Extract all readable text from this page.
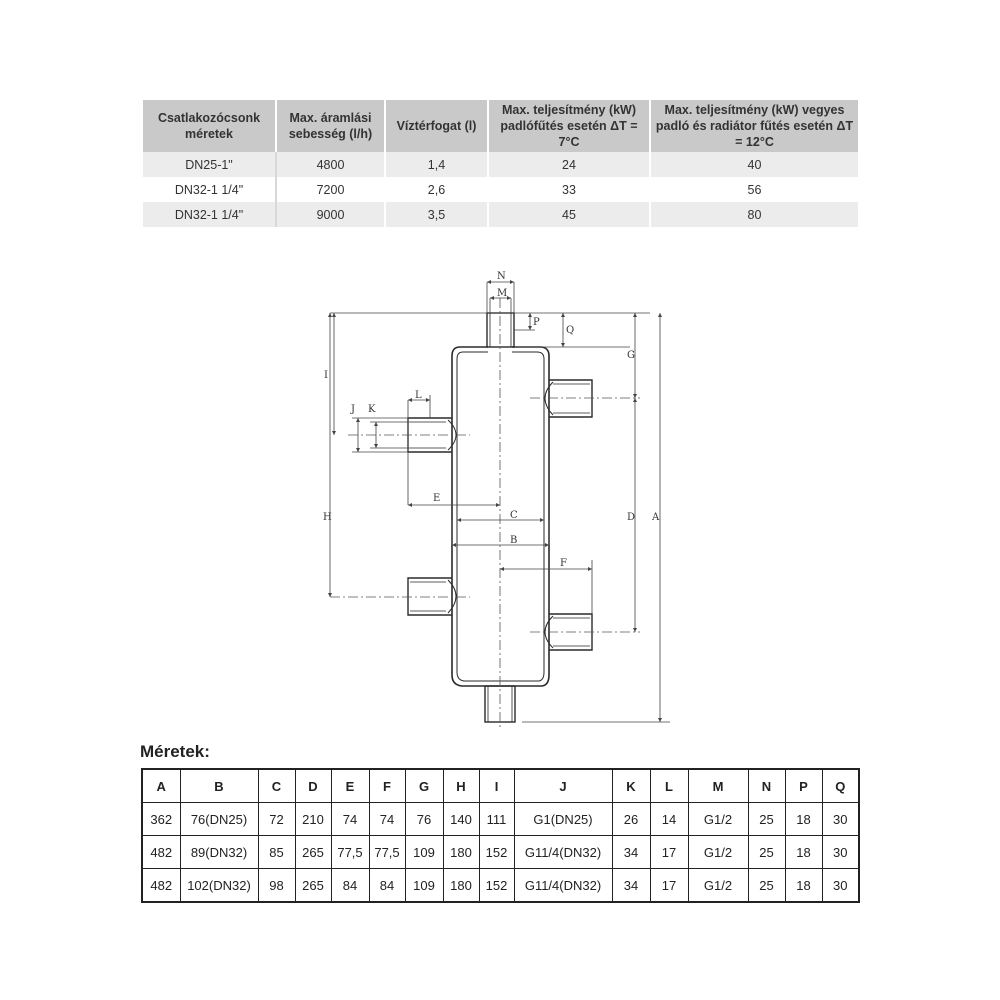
Csatlakozócsonk méretek	Max. áramlási sebesség (l/h)	Víztérfogat (l)	Max. teljesítmény (kW) padlófűtés esetén ΔT = 7°C	Max. teljesítmény (kW) vegyes padló és radiátor fűtés esetén ΔT = 12°C
DN25-1"	4800	1,4	24	40
DN32-1 1/4"	7200	2,6	33	56
DN32-1 1/4"	9000	3,5	45	80
N
M
P
Q
G
I
J K
L
E
C
B
H	D A
F
Méretek:
A	B	C	D	E	F	G	H	I	J	K	L	M	N	P	Q
362	76(DN25)	72	210	74	74	76	140	111	G1(DN25)	26	14	G1/2	25	18	30
482	89(DN32)	85	265	77,5	77,5	109	180	152	G11/4(DN32)	34	17	G1/2	25	18	30
482	102(DN32)	98	265	84	84	109	180	152	G11/4(DN32)	34	17	G1/2	25	18	30
